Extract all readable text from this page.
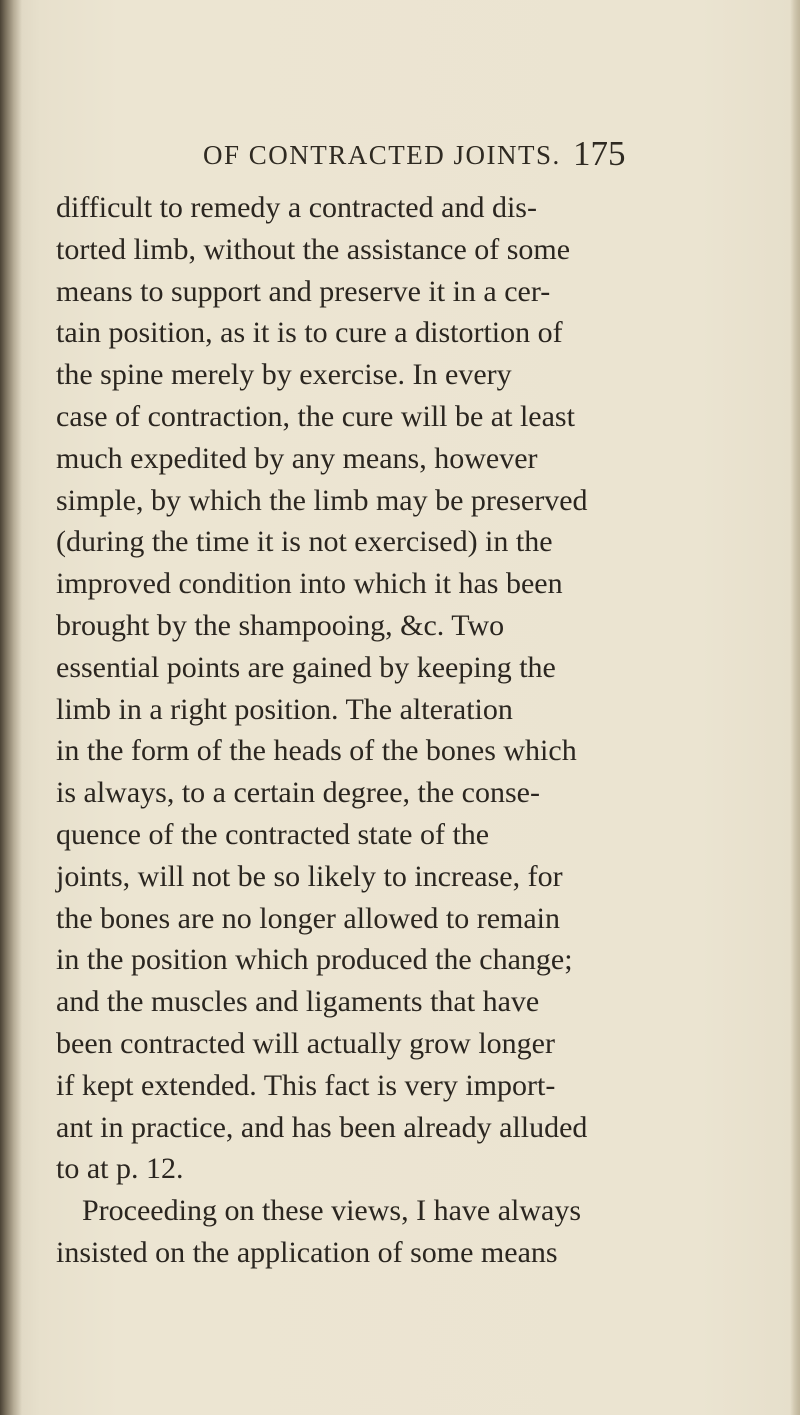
OF CONTRACTED JOINTS. 175
difficult to remedy a contracted and dis-
torted limb, without the assistance of some
means to support and preserve it in a cer-
tain position, as it is to cure a distortion of
the spine merely by exercise. In every
case of contraction, the cure will be at least
much expedited by any means, however
simple, by which the limb may be preserved
(during the time it is not exercised) in the
improved condition into which it has been
brought by the shampooing, &c. Two
essential points are gained by keeping the
limb in a right position. The alteration
in the form of the heads of the bones which
is always, to a certain degree, the conse-
quence of the contracted state of the
joints, will not be so likely to increase, for
the bones are no longer allowed to remain
in the position which produced the change;
and the muscles and ligaments that have
been contracted will actually grow longer
if kept extended. This fact is very import-
ant in practice, and has been already alluded
to at p. 12.
Proceeding on these views, I have always
insisted on the application of some means
